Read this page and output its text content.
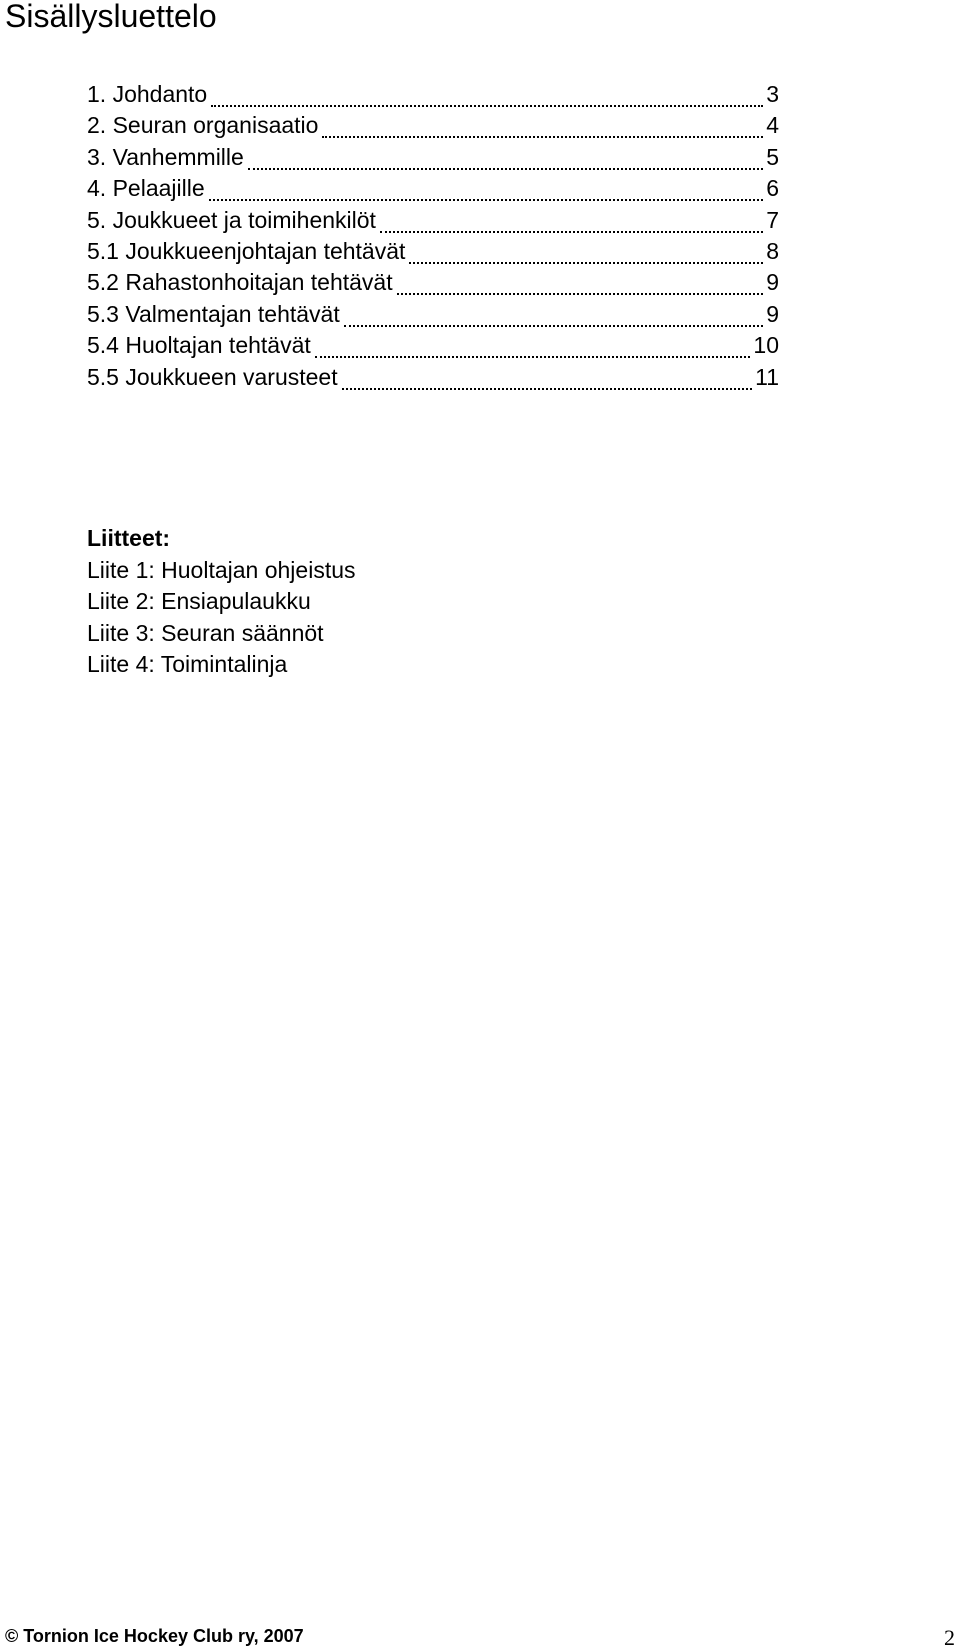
Sisällysluettelo
1. Johdanto	3
2. Seuran organisaatio	4
3. Vanhemmille	5
4. Pelaajille	6
5. Joukkueet ja toimihenkilöt	7
5.1 Joukkueenjohtajan tehtävät	8
5.2 Rahastonhoitajan tehtävät	9
5.3 Valmentajan tehtävät	9
5.4 Huoltajan tehtävät	10
5.5 Joukkueen varusteet	11

Liitteet:

Liite 1: Huoltajan ohjeistus

Liite 2: Ensiapulaukku

Liite 3: Seuran säännöt

Liite 4: Toimintalinja

© Tornion Ice Hockey Club ry, 2007	2
